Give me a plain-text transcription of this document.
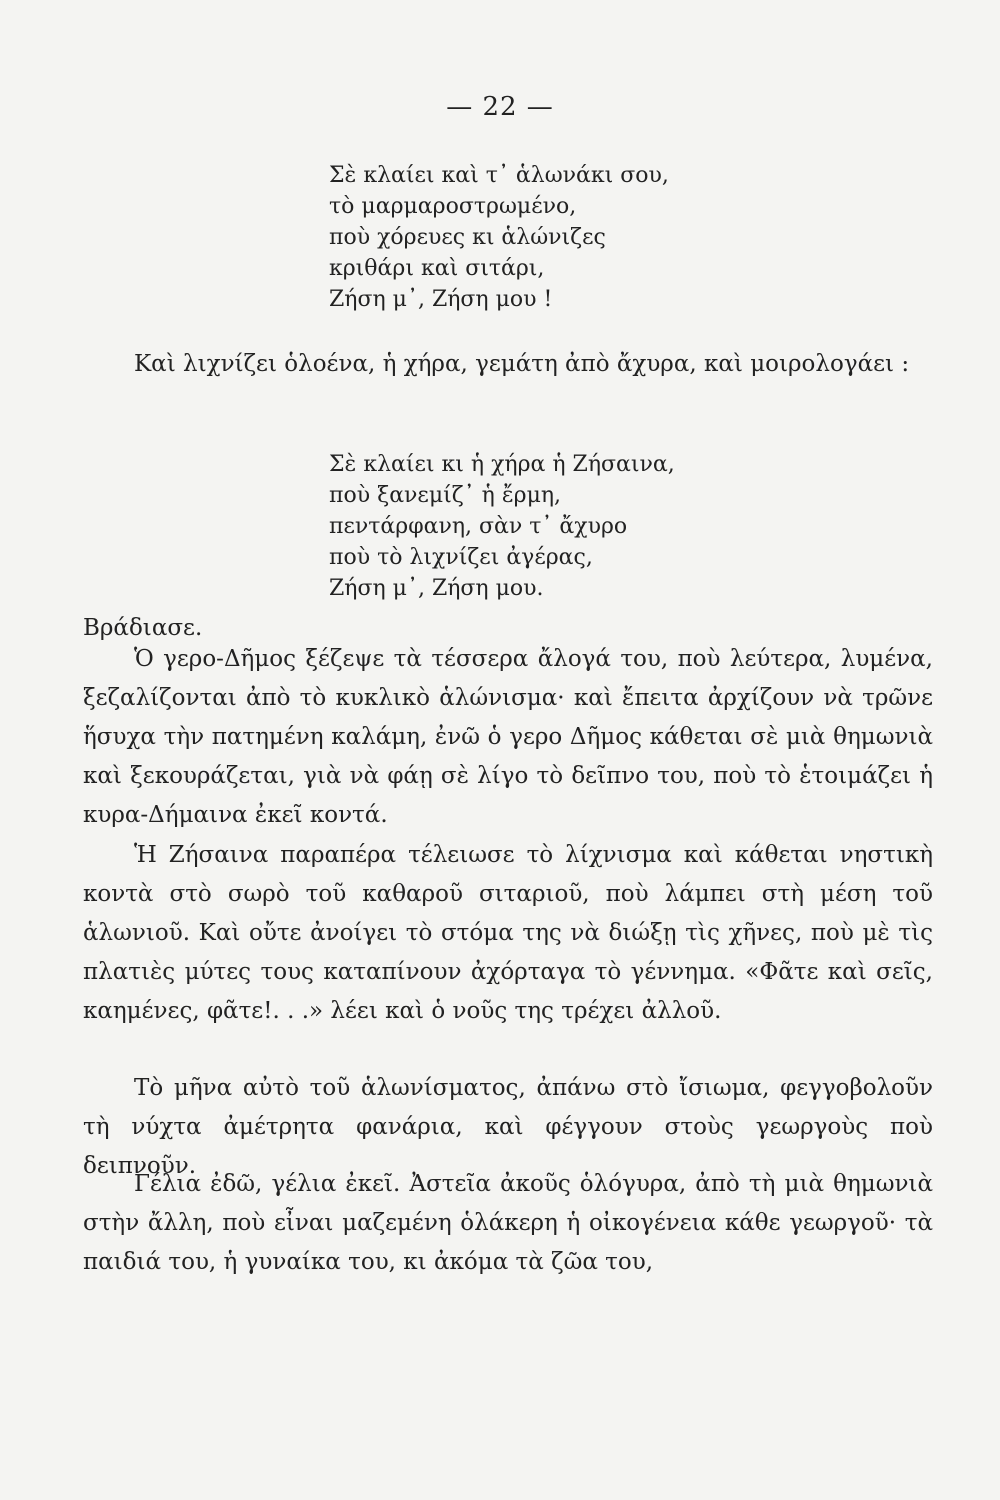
— 22 —
Σὲ κλαίει καὶ τ᾿ ἁλωνάκι σου,
τὸ μαρμαροστρωμένο,
ποὺ χόρευες κι ἁλώνιζες
κριθάρι καὶ σιτάρι,
Ζήση μ᾿, Ζήση μου !

Καὶ λιχνίζει ὁλοένα, ἡ χήρα, γεμάτη ἀπὸ ἄχυρα, καὶ μοιρολογάει :

Σὲ κλαίει κι ἡ χήρα ἡ Ζήσαινα,
ποὺ ξανεμίζ᾿ ἡ ἔρμη,
πεντάρφανη, σὰν τ᾿ ἄχυρο
ποὺ τὸ λιχνίζει ἀγέρας,
Ζήση μ᾿, Ζήση μου.

Βράδιασε.

Ὁ γερο-Δῆμος ξέζεψε τὰ τέσσερα ἄλογά του, ποὺ λεύτερα, λυμένα, ξεζαλίζονται ἀπὸ τὸ κυκλικὸ ἁλώνισμα· καὶ ἔπειτα ἀρχίζουν νὰ τρῶνε ἥσυχα τὴν πατημένη καλάμη, ἐνῶ ὁ γερο Δῆμος κάθεται σὲ μιὰ θημωνιὰ καὶ ξεκουράζεται, γιὰ νὰ φάῃ σὲ λίγο τὸ δεῖπνο του, ποὺ τὸ ἑτοιμάζει ἡ κυρα-Δήμαινα ἐκεῖ κοντά.

Ἡ Ζήσαινα παραπέρα τέλειωσε τὸ λίχνισμα καὶ κάθεται νηστικὴ κοντὰ στὸ σωρὸ τοῦ καθαροῦ σιταριοῦ, ποὺ λάμπει στὴ μέση τοῦ ἁλωνιοῦ. Καὶ οὔτε ἀνοίγει τὸ στόμα της νὰ διώξῃ τὶς χῆνες, ποὺ μὲ τὶς πλατιὲς μύτες τους καταπίνουν ἀχόρταγα τὸ γέννημα. «Φᾶτε καὶ σεῖς, καημένες, φᾶτε!. . .» λέει καὶ ὁ νοῦς της τρέχει ἀλλοῦ.

Τὸ μῆνα αὐτὸ τοῦ ἁλωνίσματος, ἀπάνω στὸ ἴσιωμα, φεγγοβολοῦν τὴ νύχτα ἀμέτρητα φανάρια, καὶ φέγγουν στοὺς γεωργοὺς ποὺ δειπνοῦν.

Γέλια ἐδῶ, γέλια ἐκεῖ. Ἀστεῖα ἀκοῦς ὁλόγυρα, ἀπὸ τὴ μιὰ θημωνιὰ στὴν ἄλλη, ποὺ εἶναι μαζεμένη ὁλάκερη ἡ οἰκογένεια κάθε γεωργοῦ· τὰ παιδιά του, ἡ γυναίκα του, κι ἀκόμα τὰ ζῶα του,
